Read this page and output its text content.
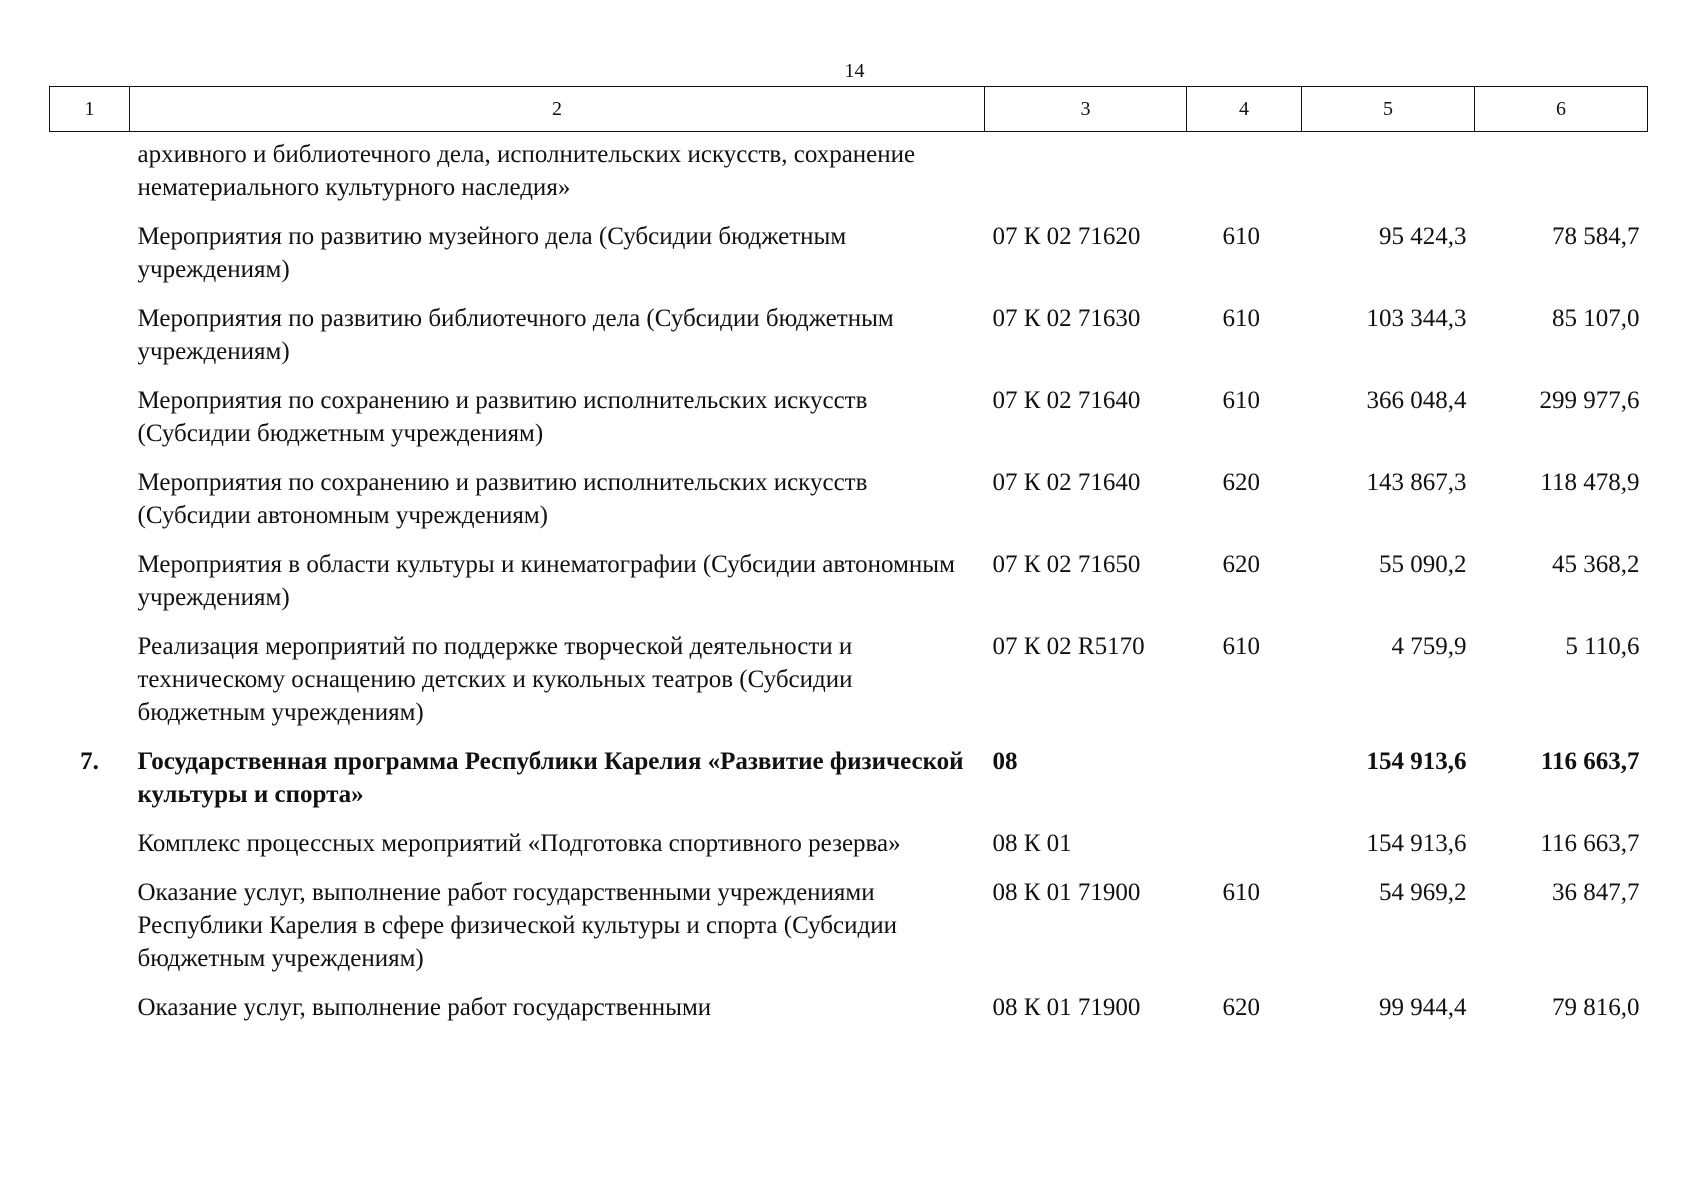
14
1	2	3	4	5	6
	архивного и библиотечного дела, исполнительских искусств, сохранение нематериального культурного наследия»				
	Мероприятия по развитию музейного дела (Субсидии бюджетным учреждениям)	07 К 02 71620	610	95 424,3	78 584,7
	Мероприятия по развитию библиотечного дела (Субсидии бюджетным учреждениям)	07 К 02 71630	610	103 344,3	85 107,0
	Мероприятия по сохранению и развитию исполнительских искусств (Субсидии бюджетным учреждениям)	07 К 02 71640	610	366 048,4	299 977,6
	Мероприятия по сохранению и развитию исполнительских искусств (Субсидии автономным учреждениям)	07 К 02 71640	620	143 867,3	118 478,9
	Мероприятия в области культуры и кинематографии (Субсидии автономным учреждениям)	07 К 02 71650	620	55 090,2	45 368,2
	Реализация мероприятий по поддержке творческой деятельности и техническому оснащению детских и кукольных театров (Субсидии бюджетным учреждениям)	07 К 02 R5170	610	4 759,9	5 110,6
7.	Государственная программа Республики Карелия «Развитие физической культуры и спорта»	08		154 913,6	116 663,7
	Комплекс процессных мероприятий «Подготовка спортивного резерва»	08 К 01		154 913,6	116 663,7
	Оказание услуг, выполнение работ государственными учреждениями Республики Карелия в сфере физической культуры и спорта (Субсидии бюджетным учреждениям)	08 К 01 71900	610	54 969,2	36 847,7
	Оказание услуг, выполнение работ государственными	08 К 01 71900	620	99 944,4	79 816,0
